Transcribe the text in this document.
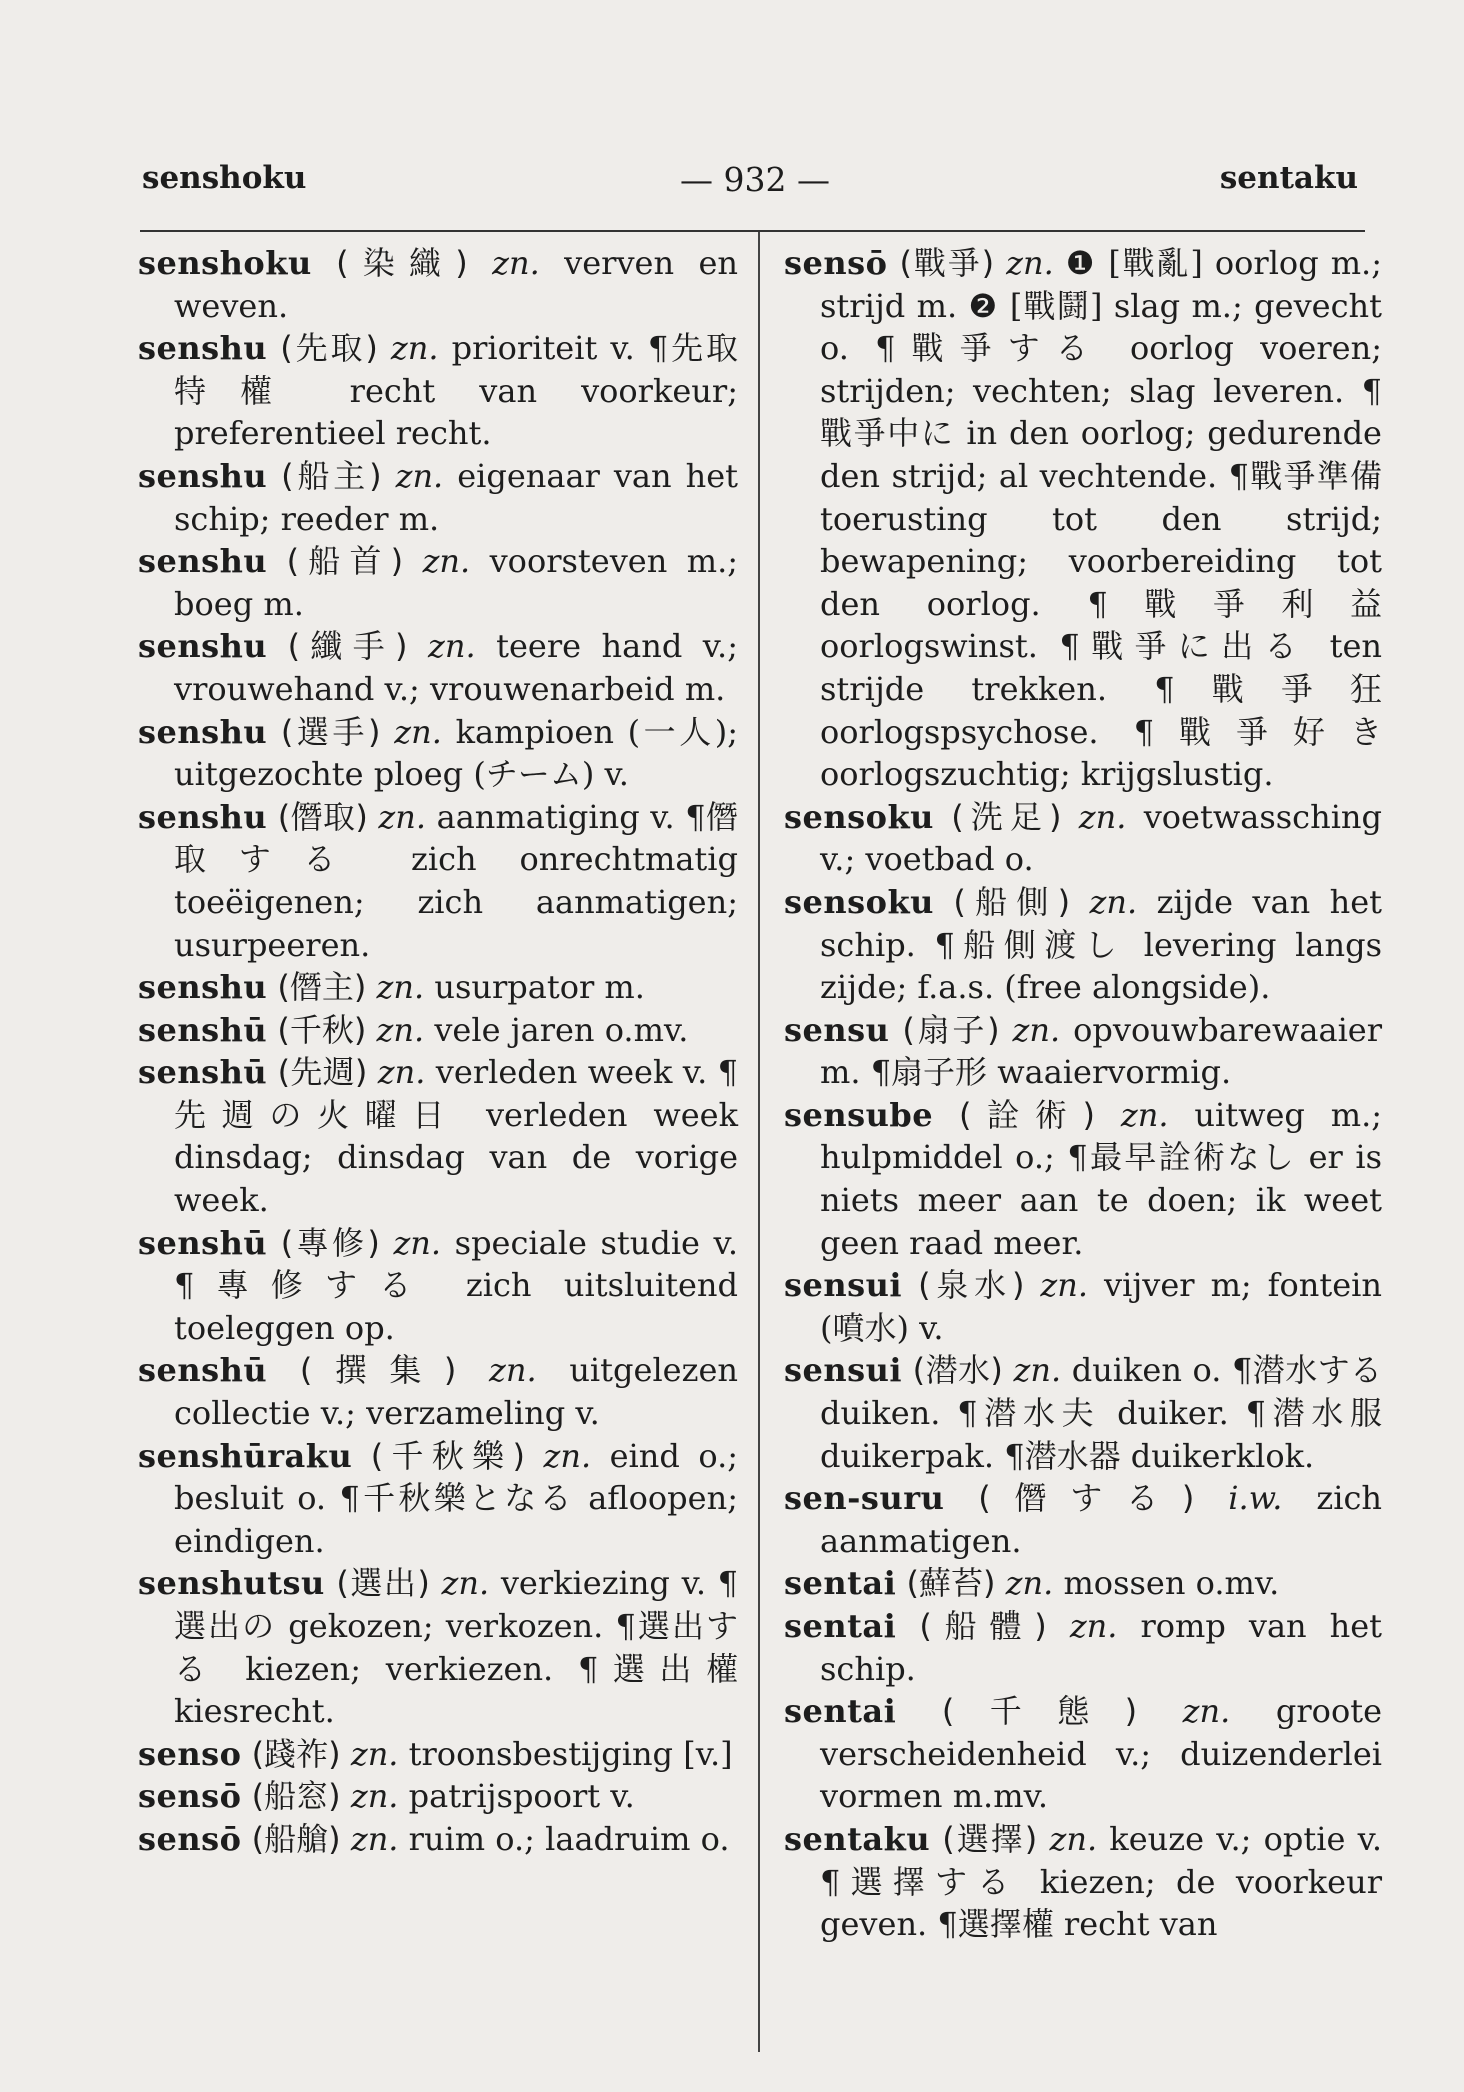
senshoku	— 932 —	sentaku

senshoku (染織) zn. verven en weven.

senshu (先取) zn. prioriteit v. ¶先取特權 recht van voorkeur; preferentieel recht.

senshu (船主) zn. eigenaar van het schip; reeder m.

senshu (船首) zn. voorsteven m.; boeg m.

senshu (纖手) zn. teere hand v.; vrouwehand v.; vrouwenarbeid m.

senshu (選手) zn. kampioen (一人); uitgezochte ploeg (チーム) v.

senshu (僭取) zn. aanmatiging v. ¶僭取する zich onrechtmatig toeëigenen; zich aanmatigen; usurpeeren.

senshu (僭主) zn. usurpator m.

senshū (千秋) zn. vele jaren o.mv.

senshū (先週) zn. verleden week v. ¶先週の火曜日 verleden week dinsdag; dinsdag van de vorige week.

senshū (專修) zn. speciale studie v. ¶專修する zich uitsluitend toeleggen op.

senshū (撰集) zn. uitgelezen collectie v.; verzameling v.

senshūraku (千秋樂) zn. eind o.; besluit o. ¶千秋樂となる afloopen; eindigen.

senshutsu (選出) zn. verkiezing v. ¶選出の gekozen; verkozen. ¶選出する kiezen; verkiezen. ¶選出權 kiesrecht.

senso (踐祚) zn. troonsbestijging [v.]

sensō (船窓) zn. patrijspoort v.

sensō (船艙) zn. ruim o.; laadruim o.

sensō (戰爭) zn. ❶ [戰亂] oorlog m.; strijd m. ❷ [戰鬪] slag m.; gevecht o. ¶戰爭する oorlog voeren; strijden; vechten; slag leveren. ¶戰爭中に in den oorlog; gedurende den strijd; al vechtende. ¶戰爭準備 toerusting tot den strijd; bewapening; voorbereiding tot den oorlog. ¶戰爭利益 oorlogswinst. ¶戰爭に出る ten strijde trekken. ¶戰爭狂 oorlogspsychose. ¶戰爭好き oorlogszuchtig; krijgslustig.

sensoku (洗足) zn. voetwassching v.; voetbad o.

sensoku (船側) zn. zijde van het schip. ¶船側渡し levering langs zijde; f.a.s. (free alongside).

sensu (扇子) zn. opvouwbarewaaier m. ¶扇子形 waaiervormig.

sensube (詮術) zn. uitweg m.; hulpmiddel o.; ¶最早詮術なし er is niets meer aan te doen; ik weet geen raad meer.

sensui (泉水) zn. vijver m; fontein (噴水) v.

sensui (潜水) zn. duiken o. ¶潜水する duiken. ¶潜水夫 duiker. ¶潜水服 duikerpak. ¶潜水器 duikerklok.

sen-suru (僭する) i.w. zich aanmatigen.

sentai (蘚苔) zn. mossen o.mv.

sentai (船體) zn. romp van het schip.

sentai (千態) zn. groote verscheidenheid v.; duizenderlei vormen m.mv.

sentaku (選擇) zn. keuze v.; optie v. ¶選擇する kiezen; de voorkeur geven. ¶選擇權 recht van
